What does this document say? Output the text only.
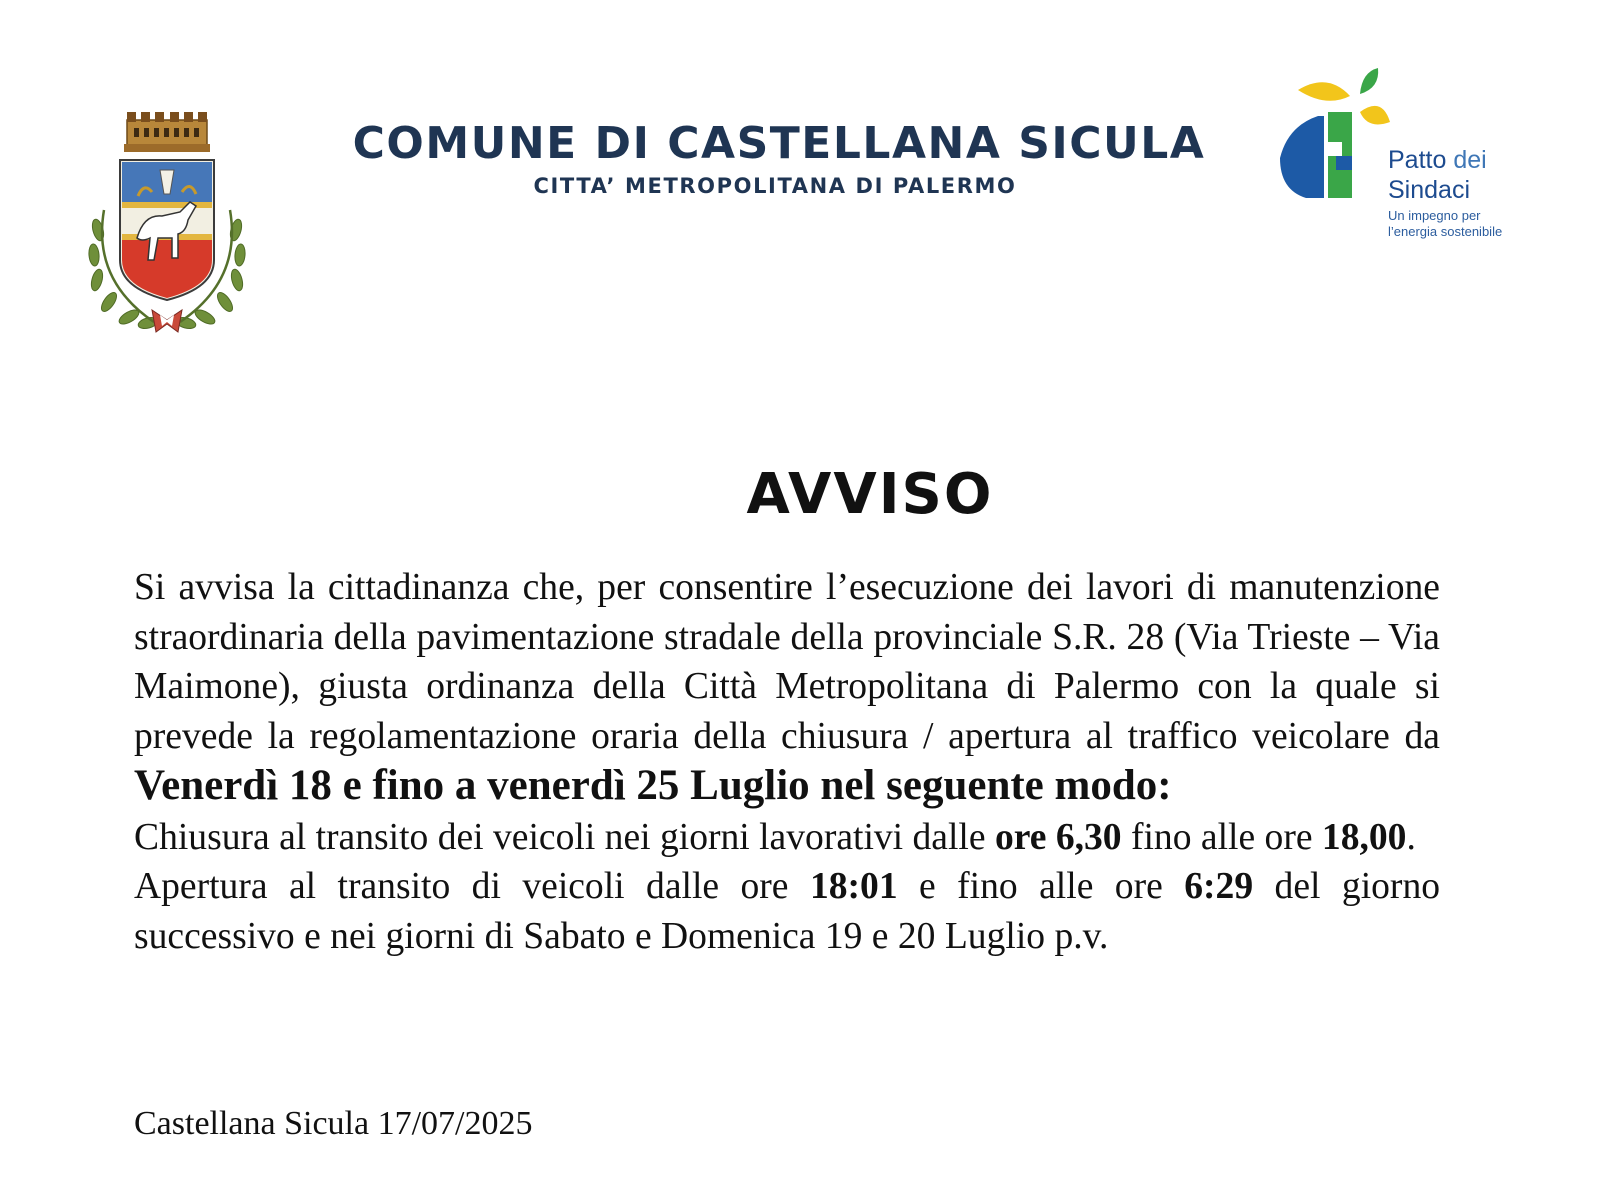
COMUNE DI CASTELLANA SICULA
CITTA’ METROPOLITANA DI PALERMO
Patto dei
Sindaci
Un impegno per
l’energia sostenibile
AVVISO

Si avvisa la cittadinanza che, per consentire l’esecuzione dei lavori di manutenzione straordinaria della pavimentazione stradale della provinciale S.R. 28 (Via Trieste – Via Maimone), giusta ordinanza della Città Metropolitana di Palermo con la quale si prevede la regolamentazione oraria della chiusura / apertura al traffico veicolare da Venerdì 18 e fino a venerdì 25 Luglio nel seguente modo:

Chiusura al transito dei veicoli nei giorni lavorativi dalle ore 6,30 fino alle ore 18,00.

Apertura al transito di veicoli dalle ore 18:01 e fino alle ore 6:29 del giorno successivo e nei giorni di Sabato e Domenica 19 e 20 Luglio p.v.

Castellana Sicula 17/07/2025
